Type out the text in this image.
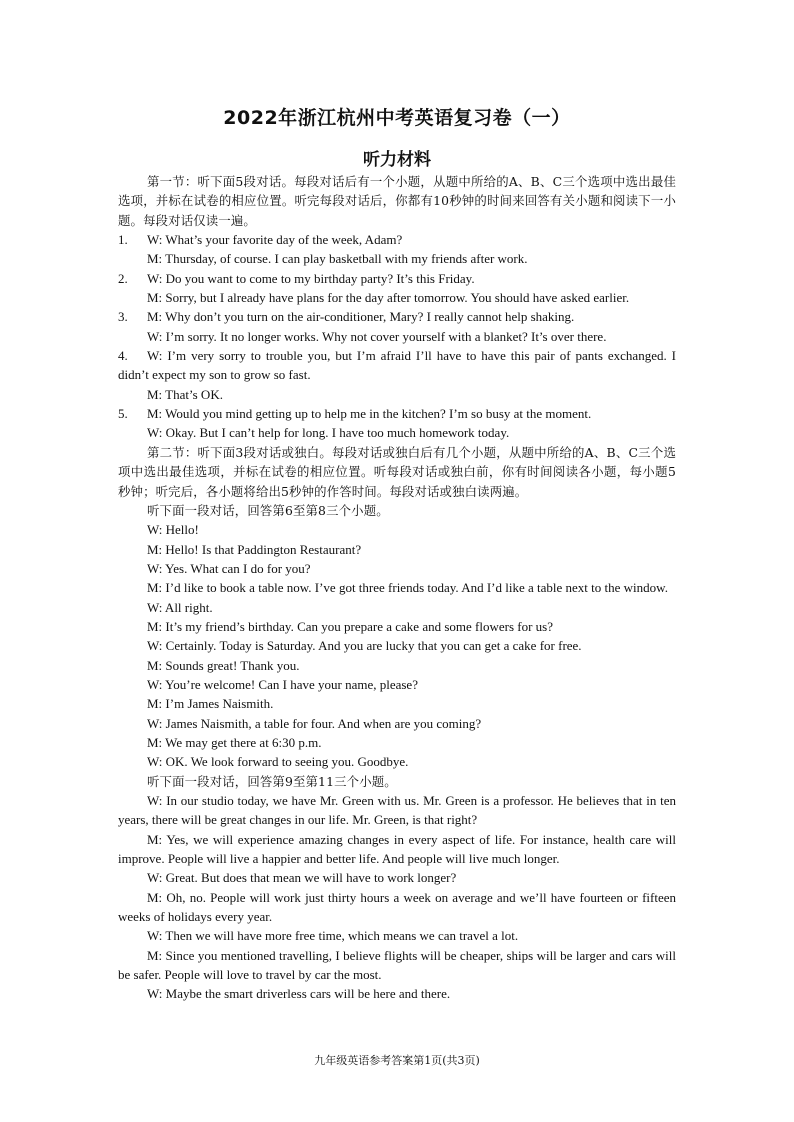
2022年浙江杭州中考英语复习卷（一）
听力材料

第一节：听下面5段对话。每段对话后有一个小题，从题中所给的A、B、C三个选项中选出最佳选项，并标在试卷的相应位置。听完每段对话后，你都有10秒钟的时间来回答有关小题和阅读下一小题。每段对话仅读一遍。

1. W: What’s your favorite day of the week, Adam?

M: Thursday, of course. I can play basketball with my friends after work.

2. W: Do you want to come to my birthday party? It’s this Friday.

M: Sorry, but I already have plans for the day after tomorrow. You should have asked earlier.

3. M: Why don’t you turn on the air-conditioner, Mary? I really cannot help shaking.

W: I’m sorry. It no longer works. Why not cover yourself with a blanket? It’s over there.

4. W: I’m very sorry to trouble you, but I’m afraid I’ll have to have this pair of pants exchanged. I didn’t expect my son to grow so fast.

M: That’s OK.

5. M: Would you mind getting up to help me in the kitchen? I’m so busy at the moment.

W: Okay. But I can’t help for long. I have too much homework today.

第二节：听下面3段对话或独白。每段对话或独白后有几个小题，从题中所给的A、B、C三个选项中选出最佳选项，并标在试卷的相应位置。听每段对话或独白前，你有时间阅读各小题，每小题5秒钟；听完后，各小题将给出5秒钟的作答时间。每段对话或独白读两遍。

听下面一段对话，回答第6至第8三个小题。

W: Hello!

M: Hello! Is that Paddington Restaurant?

W: Yes. What can I do for you?

M: I’d like to book a table now. I’ve got three friends today. And I’d like a table next to the window.

W: All right.

M: It’s my friend’s birthday. Can you prepare a cake and some flowers for us?

W: Certainly. Today is Saturday. And you are lucky that you can get a cake for free.

M: Sounds great! Thank you.

W: You’re welcome! Can I have your name, please?

M: I’m James Naismith.

W: James Naismith, a table for four. And when are you coming?

M: We may get there at 6:30 p.m.

W: OK. We look forward to seeing you. Goodbye.

听下面一段对话，回答第9至第11三个小题。

W: In our studio today, we have Mr. Green with us. Mr. Green is a professor. He believes that in ten years, there will be great changes in our life. Mr. Green, is that right?

M: Yes, we will experience amazing changes in every aspect of life. For instance, health care will improve. People will live a happier and better life. And people will live much longer.

W: Great. But does that mean we will have to work longer?

M: Oh, no. People will work just thirty hours a week on average and we’ll have fourteen or fifteen weeks of holidays every year.

W: Then we will have more free time, which means we can travel a lot.

M: Since you mentioned travelling, I believe flights will be cheaper, ships will be larger and cars will be safer. People will love to travel by car the most.

W: Maybe the smart driverless cars will be here and there.

九年级英语参考答案第1页(共3页)
